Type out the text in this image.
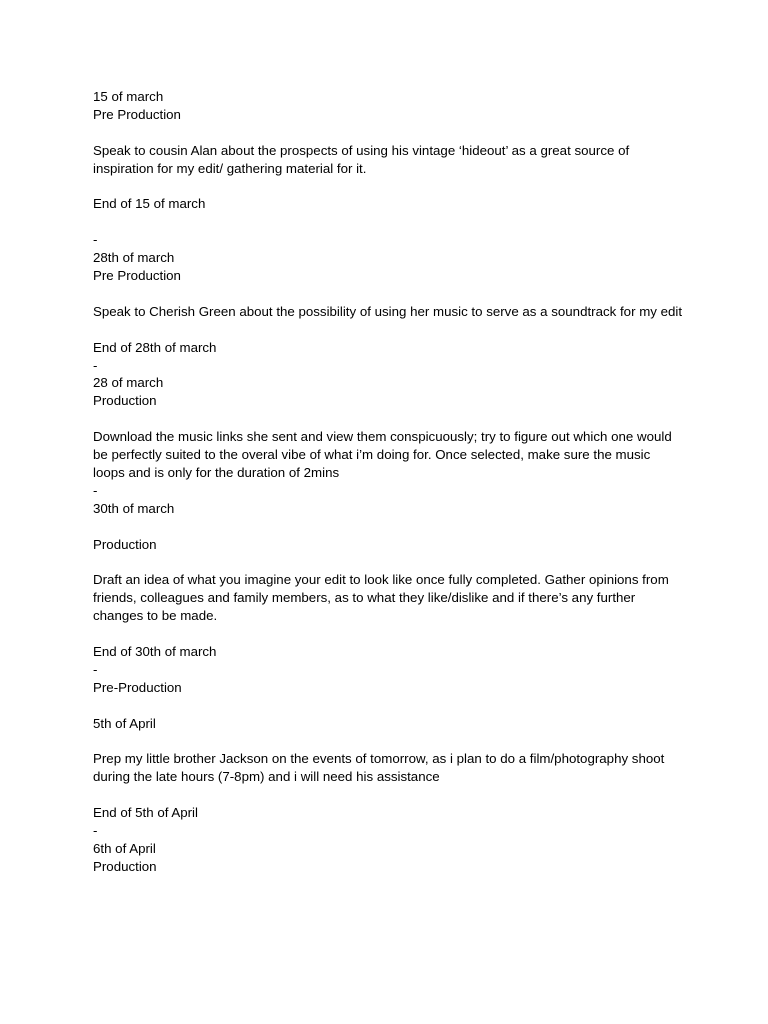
15 of march
Pre Production
Speak to cousin Alan about the prospects of using his vintage ‘hideout’ as a great source of inspiration for my edit/ gathering material for it.
End of 15 of march
-
28th of march
Pre Production
Speak to Cherish Green about the possibility of using her music to serve as a soundtrack for my edit
End of 28th of march
-
28 of march
Production
Download the music links she sent and view them conspicuously; try to figure out which one would be perfectly suited to the overal vibe of what i’m doing for. Once selected, make sure the music loops and is only for the duration of 2mins
-
30th of march
Production
Draft an idea of what you imagine your edit to look like once fully completed. Gather opinions from friends, colleagues and family members, as to what they like/dislike and if there’s any further changes to be made.
End of 30th of march
-
Pre-Production
5th of April
Prep my little brother Jackson on the events of tomorrow, as i plan to do a film/photography shoot during the late hours (7-8pm) and i will need his assistance
End of 5th of April
-
6th of April
Production
